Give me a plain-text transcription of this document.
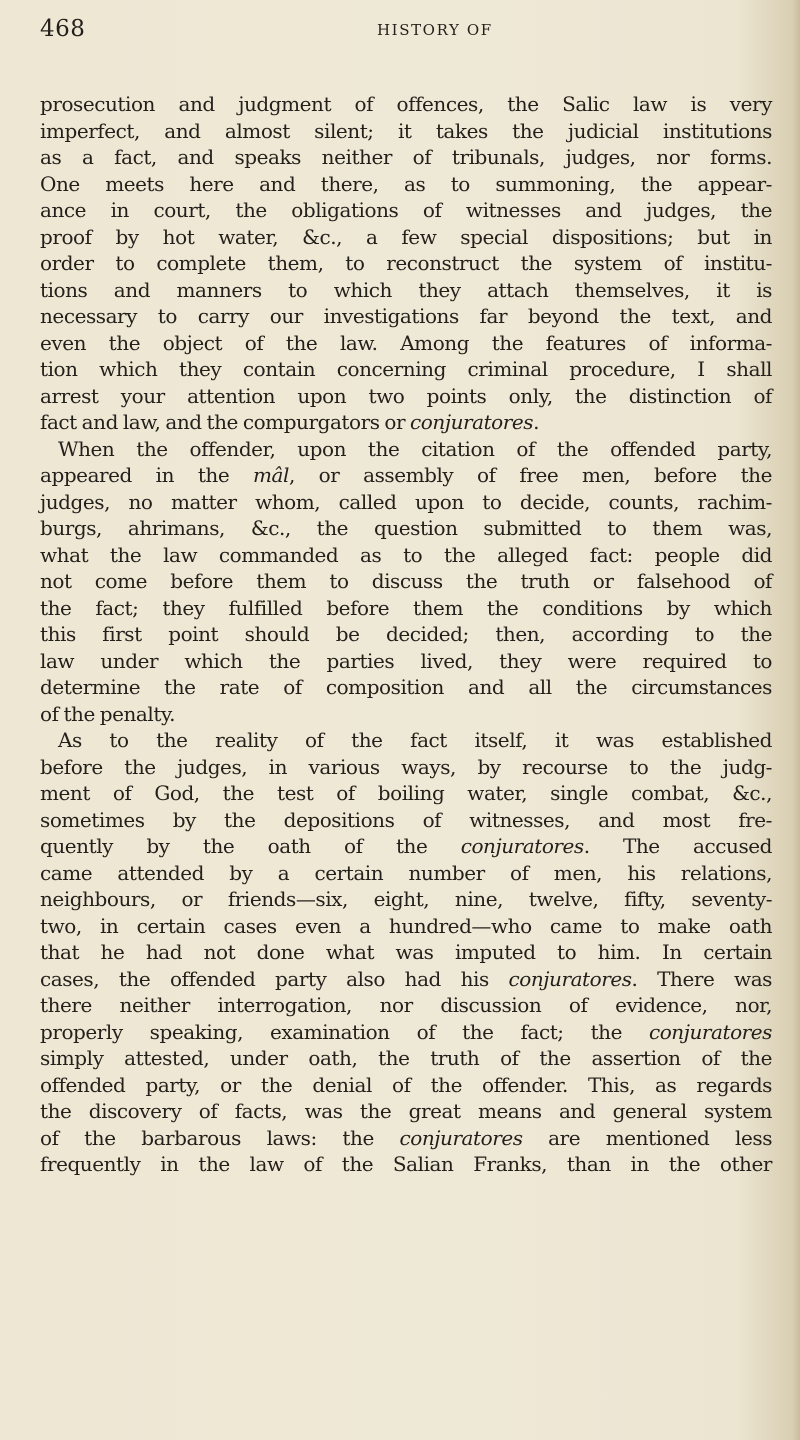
468	HISTORY OF
prosecution and judgment of offences, the Salic law is very
imperfect, and almost silent; it takes the judicial institutions
as a fact, and speaks neither of tribunals, judges, nor forms.
One meets here and there, as to summoning, the appear-
ance in court, the obligations of witnesses and judges, the
proof by hot water, &c., a few special dispositions; but in
order to complete them, to reconstruct the system of institu-
tions and manners to which they attach themselves, it is
necessary to carry our investigations far beyond the text, and
even the object of the law. Among the features of informa-
tion which they contain concerning criminal procedure, I shall
arrest your attention upon two points only, the distinction of
fact and law, and the compurgators or conjuratores.
When the offender, upon the citation of the offended party,
appeared in the mâl, or assembly of free men, before the
judges, no matter whom, called upon to decide, counts, rachim-
burgs, ahrimans, &c., the question submitted to them was,
what the law commanded as to the alleged fact: people did
not come before them to discuss the truth or falsehood of
the fact; they fulfilled before them the conditions by which
this first point should be decided; then, according to the
law under which the parties lived, they were required to
determine the rate of composition and all the circumstances
of the penalty.
As to the reality of the fact itself, it was established
before the judges, in various ways, by recourse to the judg-
ment of God, the test of boiling water, single combat, &c.,
sometimes by the depositions of witnesses, and most fre-
quently by the oath of the conjuratores. The accused
came attended by a certain number of men, his relations,
neighbours, or friends—six, eight, nine, twelve, fifty, seventy-
two, in certain cases even a hundred—who came to make oath
that he had not done what was imputed to him. In certain
cases, the offended party also had his conjuratores. There was
there neither interrogation, nor discussion of evidence, nor,
properly speaking, examination of the fact; the conjuratores
simply attested, under oath, the truth of the assertion of the
offended party, or the denial of the offender. This, as regards
the discovery of facts, was the great means and general system
of the barbarous laws: the conjuratores are mentioned less
frequently in the law of the Salian Franks, than in the other
